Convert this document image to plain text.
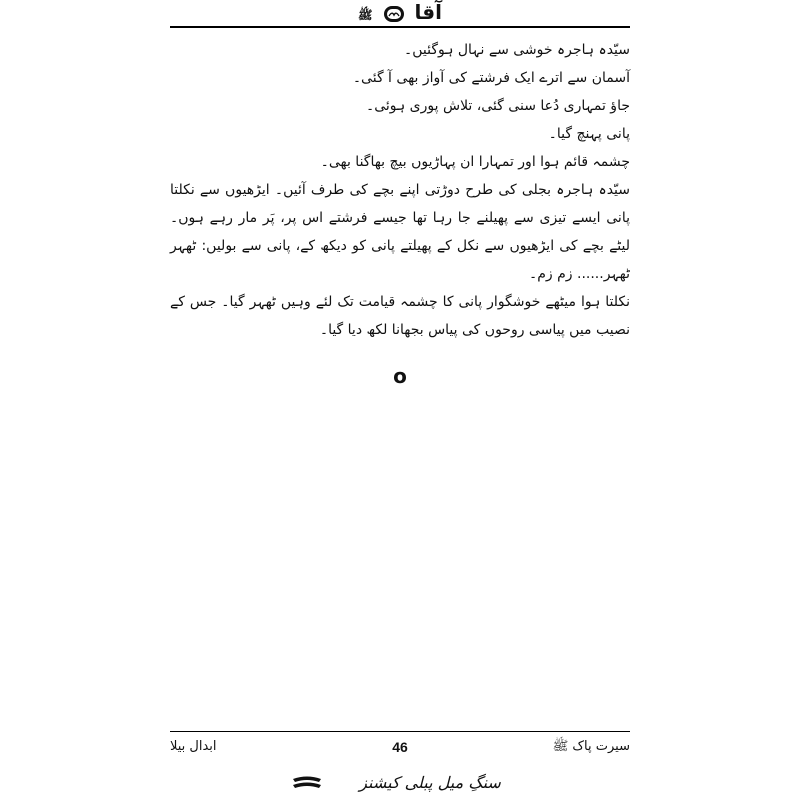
آقا  ﷺ

سیّدہ ہاجرہ خوشی سے نہال ہوگئیں۔

آسمان سے اترے ایک فرشتے کی آواز بھی آ گئی۔

جاؤ تمہاری دُعا سنی گئی، تلاش پوری ہوئی۔

پانی پہنچ گیا۔

چشمہ قائم ہوا اور تمہارا ان پہاڑیوں بیچ بھاگنا بھی۔

سیّدہ ہاجرہ بجلی کی طرح دوڑتی اپنے بچے کی طرف آئیں۔ ایڑھیوں سے نکلتا پانی ایسے تیزی سے پھیلنے جا رہا تھا جیسے فرشتے اس پر، پَر مار رہے ہوں۔ لیٹے بچے کی ایڑھیوں سے نکل کے پھیلتے پانی کو دیکھ کے، پانی سے بولیں: ٹھہر ٹھہر...... زم زم۔

نکلتا ہوا میٹھے خوشگوار پانی کا چشمہ قیامت تک لئے وہیں ٹھہر گیا۔ جس کے نصیب میں پیاسی روحوں کی پیاس بجھانا لکھ دیا گیا۔

o
ابدال بیلا	46	سیرت پاک ﷺ
سنگِ میل پبلی کیشنز
